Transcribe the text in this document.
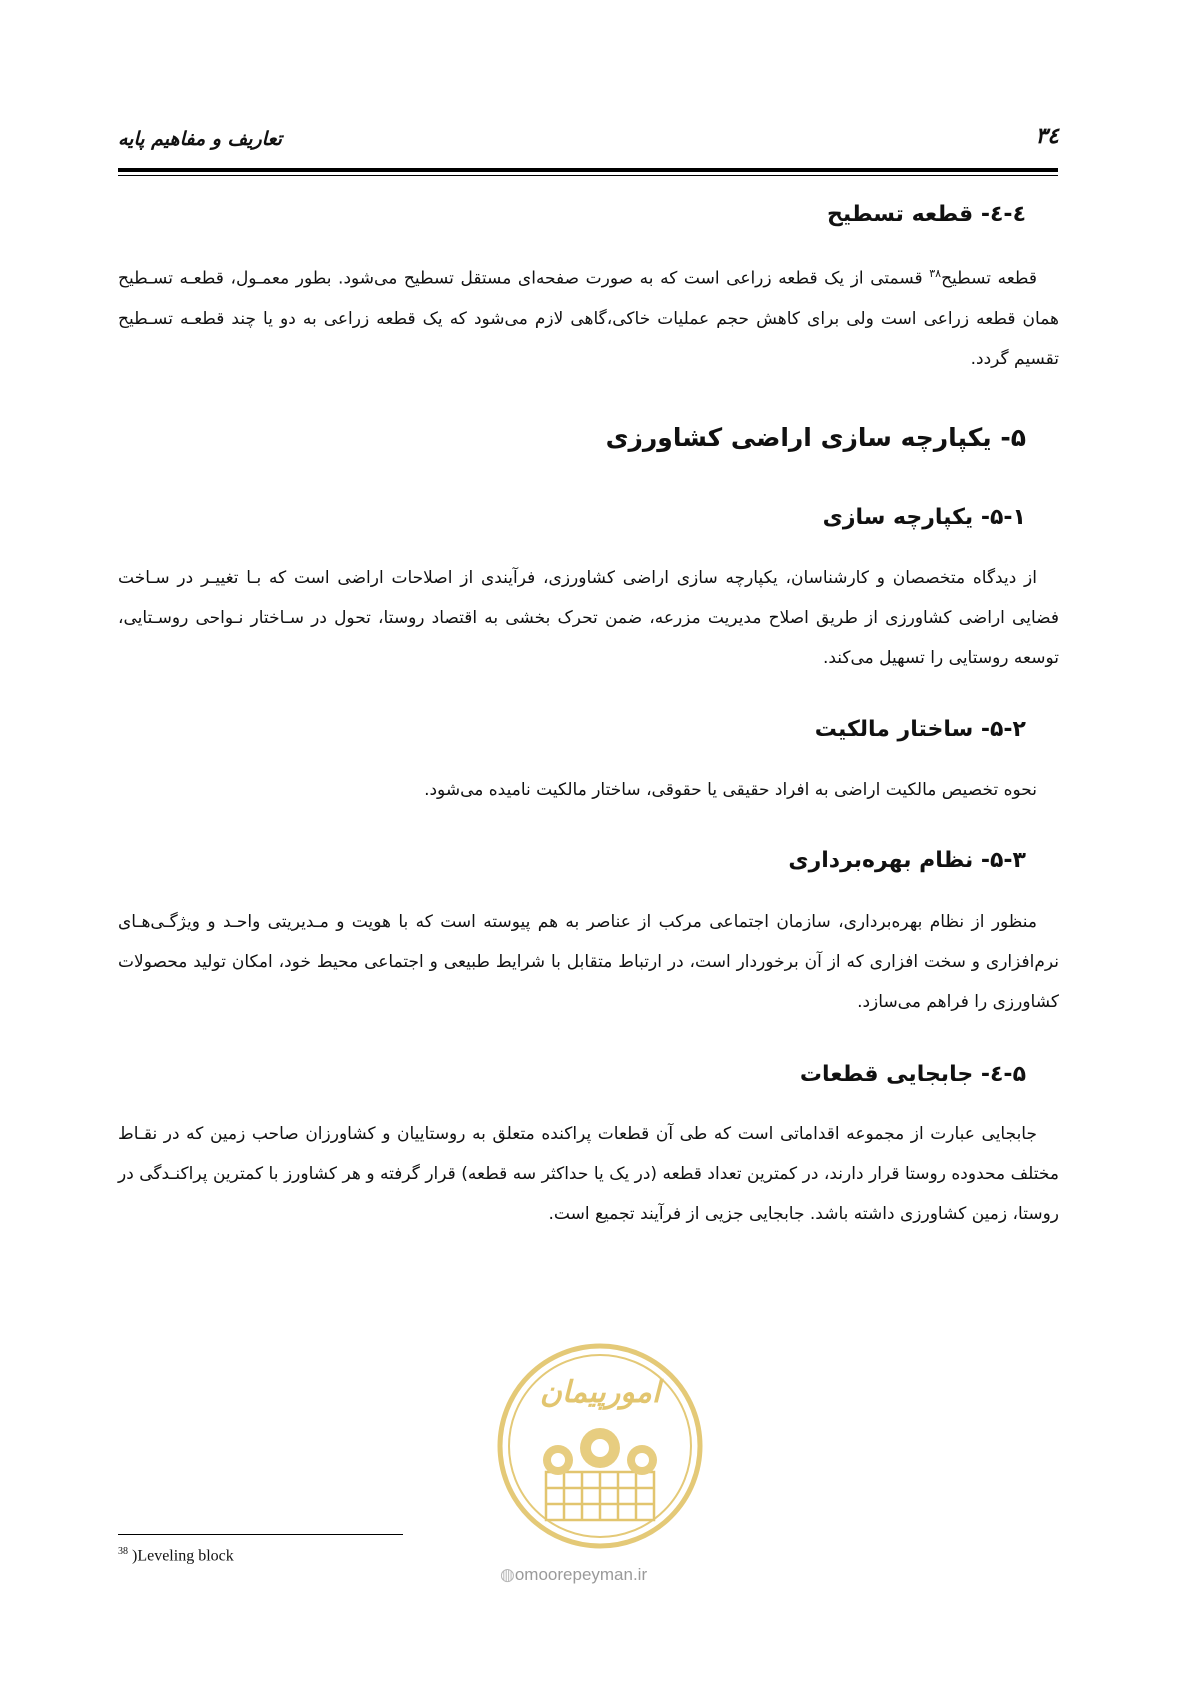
تعاریف و مفاهیم پایه	۳٤
٤-٤- قطعه تسطیح
قطعه تسطیح$^{۳۸}$ قسمتی از یک قطعه زراعی است که به صورت صفحه‌ای مستقل تسطیح می‌شود. بطور معمـول، قطعـه تسـطیح همان قطعه زراعی است ولی برای کاهش حجم عملیات خاکی،گاهی لازم می‌شود که یک قطعه زراعی به دو یا چند قطعـه تسـطیح تقسیم گردد.
۵- یکپارچه سازی اراضی کشاورزی
۵-۱- یکپارچه سازی
از دیدگاه متخصصان و کارشناسان، یکپارچه سازی اراضی کشاورزی، فرآیندی از اصلاحات اراضی است که بـا تغییـر در سـاخت فضایی اراضی کشاورزی از طریق اصلاح مدیریت مزرعه، ضمن تحرک بخشی به اقتصاد روستا، تحول در سـاختار نـواحی روسـتایی، توسعه روستایی را تسهیل می‌کند.
۵-۲- ساختار مالکیت
نحوه تخصیص مالکیت اراضی به افراد حقیقی یا حقوقی، ساختار مالکیت نامیده می‌شود.
۵-۳- نظام بهره‌برداری
منظور از نظام بهره‌برداری، سازمان اجتماعی مرکب از عناصر به هم پیوسته است که با هویت و مـدیریتی واحـد و ویژگـی‌هـای نرم‌افزاری و سخت افزاری که از آن برخوردار است، در ارتباط متقابل با شرایط طبیعی و اجتماعی محیط خود، امکان تولید محصولات کشاورزی را فراهم می‌سازد.
۵-٤- جابجایی قطعات
جابجایی عبارت از مجموعه اقداماتی است که طی آن قطعات پراکنده متعلق به روستاییان و کشاورزان صاحب زمین که در نقـاط مختلف محدوده روستا قرار دارند، در کمترین تعداد قطعه (در یک یا حداکثر سه قطعه) قرار گرفته و هر کشاورز با کمترین پراکنـدگی در روستا، زمین کشاورزی داشته باشد. جابجایی جزیی از فرآیند تجمیع است.
امورپیمان
◍omoorepeyman.ir
$^{38}$ )Leveling block
